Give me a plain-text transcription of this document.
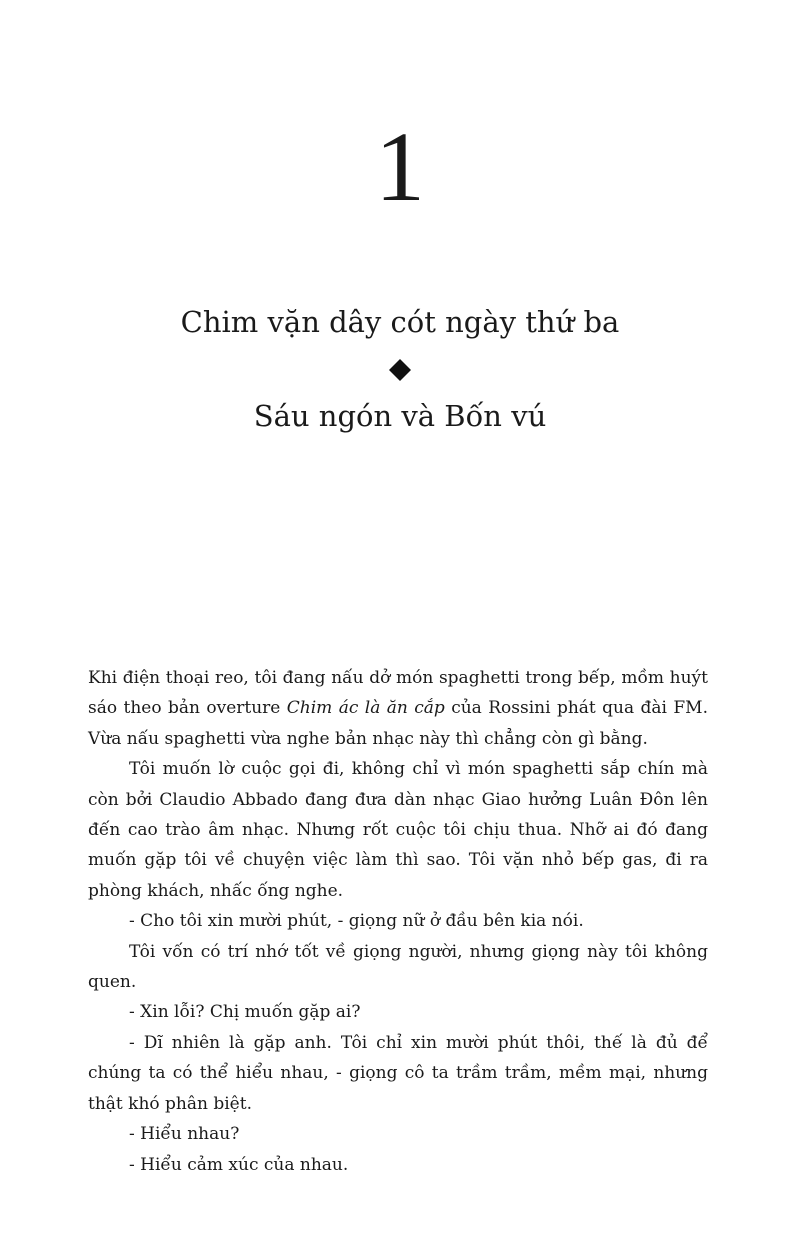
1
Chim vặn dây cót ngày thứ ba
Sáu ngón và Bốn vú

Khi điện thoại reo, tôi đang nấu dở món spaghetti trong bếp, mồm huýt sáo theo bản overture Chim ác là ăn cắp của Rossini phát qua đài FM. Vừa nấu spaghetti vừa nghe bản nhạc này thì chẳng còn gì bằng.

Tôi muốn lờ cuộc gọi đi, không chỉ vì món spaghetti sắp chín mà còn bởi Claudio Abbado đang đưa dàn nhạc Giao hưởng Luân Đôn lên đến cao trào âm nhạc. Nhưng rốt cuộc tôi chịu thua. Nhỡ ai đó đang muốn gặp tôi về chuyện việc làm thì sao. Tôi vặn nhỏ bếp gas, đi ra phòng khách, nhấc ống nghe.

- Cho tôi xin mười phút, - giọng nữ ở đầu bên kia nói.

Tôi vốn có trí nhớ tốt về giọng người, nhưng giọng này tôi không quen.

- Xin lỗi? Chị muốn gặp ai?

- Dĩ nhiên là gặp anh. Tôi chỉ xin mười phút thôi, thế là đủ để chúng ta có thể hiểu nhau, - giọng cô ta trầm trầm, mềm mại, nhưng thật khó phân biệt.

- Hiểu nhau?

- Hiểu cảm xúc của nhau.
